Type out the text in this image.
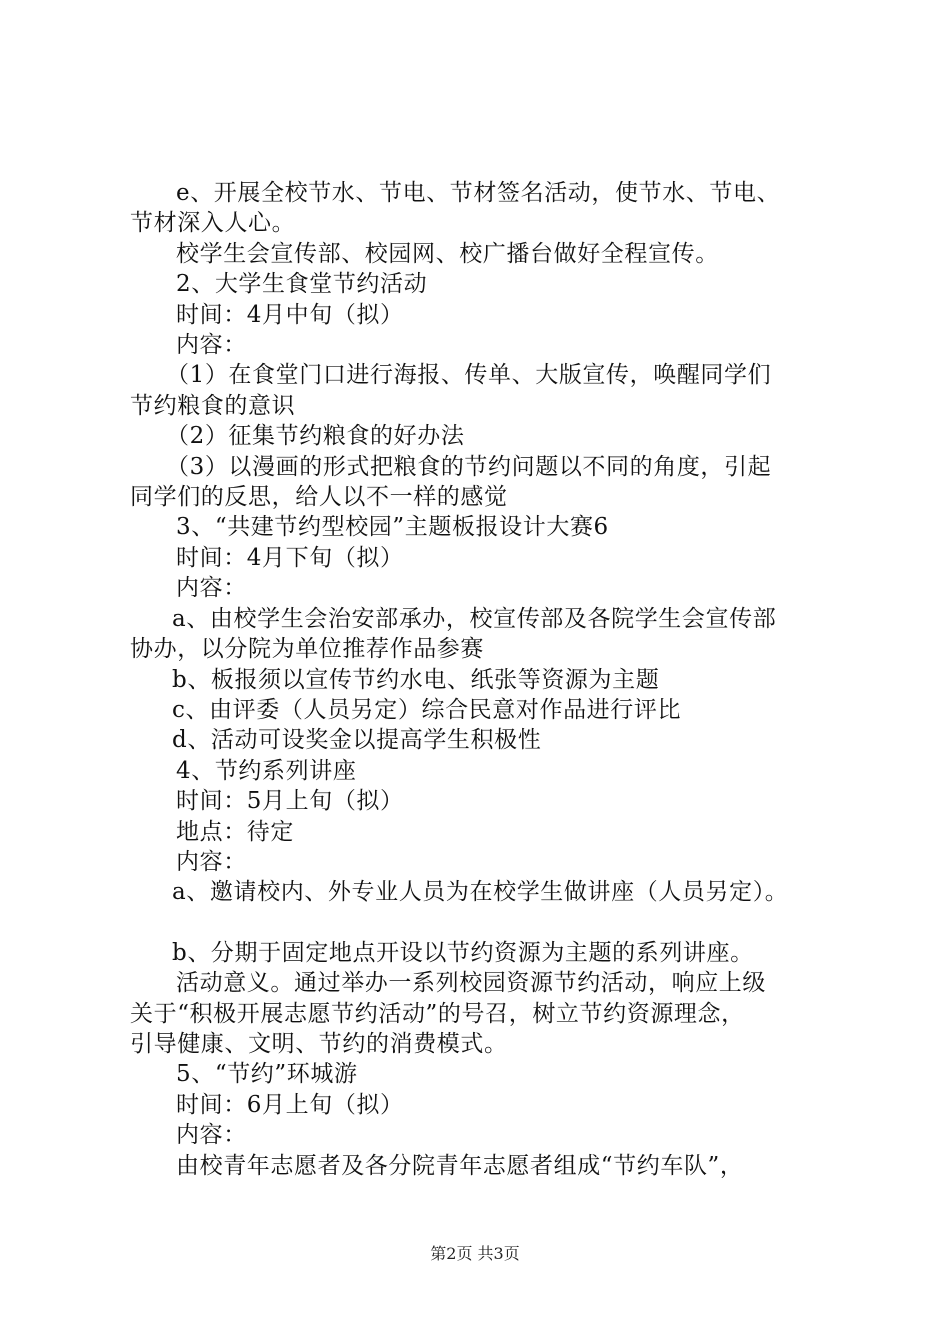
e、开展全校节水、节电、节材签名活动，使节水、节电、
节材深入人心。
校学生会宣传部、校园网、校广播台做好全程宣传。
2、大学生食堂节约活动
时间：4月中旬（拟）
内容：
（1）在食堂门口进行海报、传单、大版宣传，唤醒同学们
节约粮食的意识
（2）征集节约粮食的好办法
（3）以漫画的形式把粮食的节约问题以不同的角度，引起
同学们的反思，给人以不一样的感觉
3、“共建节约型校园”主题板报设计大赛6
时间：4月下旬（拟）
内容：
a、由校学生会治安部承办，校宣传部及各院学生会宣传部
协办，以分院为单位推荐作品参赛
b、板报须以宣传节约水电、纸张等资源为主题
c、由评委（人员另定）综合民意对作品进行评比
d、活动可设奖金以提高学生积极性
4、节约系列讲座
时间：5月上旬（拟）
地点：待定
内容：
a、邀请校内、外专业人员为在校学生做讲座（人员另定）。
b、分期于固定地点开设以节约资源为主题的系列讲座。
活动意义。通过举办一系列校园资源节约活动，响应上级
关于“积极开展志愿节约活动”的号召，树立节约资源理念，
引导健康、文明、节约的消费模式。
5、“节约”环城游
时间：6月上旬（拟）
内容：
由校青年志愿者及各分院青年志愿者组成“节约车队”，
第2页 共3页
